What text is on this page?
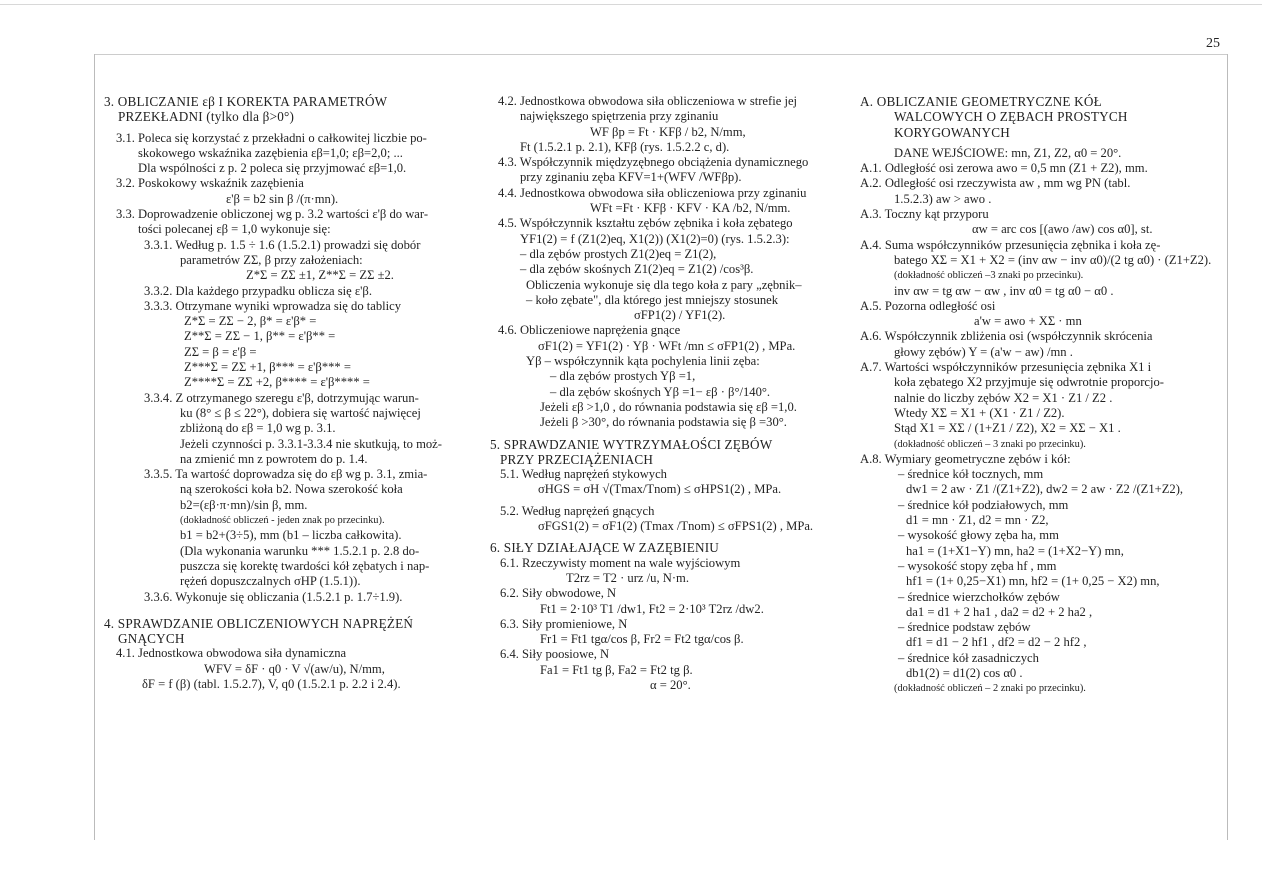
25
3. OBLICZANIE εβ I KOREKTA PARAMETRÓW
PRZEKŁADNI (tylko dla β>0°)
3.1. Poleca się korzystać z przekładni o całkowitej liczbie po-
skokowego wskaźnika zazębienia εβ=1,0; εβ=2,0; ...
Dla wspólności z p. 2 poleca się przyjmować εβ=1,0.
3.2. Poskokowy wskaźnik zazębienia
ε'β = b2 sin β /(π·mn).
3.3. Doprowadzenie obliczonej wg p. 3.2 wartości ε'β do war-
tości polecanej εβ = 1,0 wykonuje się:
3.3.1. Według p. 1.5 ÷ 1.6 (1.5.2.1) prowadzi się dobór
parametrów ZΣ, β przy założeniach:
Z*Σ = ZΣ ±1, Z**Σ = ZΣ ±2.
3.3.2. Dla każdego przypadku oblicza się ε'β.
3.3.3. Otrzymane wyniki wprowadza się do tablicy
Z*Σ = ZΣ − 2, β* = ε'β* =
Z**Σ = ZΣ − 1, β** = ε'β** =
ZΣ = β = ε'β =
Z***Σ = ZΣ +1, β*** = ε'β*** =
Z****Σ = ZΣ +2, β**** = ε'β**** =
3.3.4. Z otrzymanego szeregu ε'β, dotrzymując warun-
ku (8° ≤ β ≤ 22°), dobiera się wartość najwięcej
zbliżoną do εβ = 1,0 wg p. 3.1.
Jeżeli czynności p. 3.3.1-3.3.4 nie skutkują, to moż-
na zmienić mn z powrotem do p. 1.4.
3.3.5. Ta wartość doprowadza się do εβ wg p. 3.1, zmia-
ną szerokości koła b2. Nowa szerokość koła
b2=(εβ·π·mn)/sin β, mm.
(dokładność obliczeń - jeden znak po przecinku).
b1 = b2+(3÷5), mm (b1 – liczba całkowita).
(Dla wykonania warunku *** 1.5.2.1 p. 2.8 do-
puszcza się korektę twardości kół zębatych i nap-
rężeń dopuszczalnych σHP (1.5.1)).
3.3.6. Wykonuje się obliczania (1.5.2.1 p. 1.7÷1.9).
4. SPRAWDZANIE OBLICZENIOWYCH NAPRĘŻEŃ
GNĄCYCH
4.1. Jednostkowa obwodowa siła dynamiczna
WFV = δF · q0 · V √(aw/u), N/mm,
δF = f (β) (tabl. 1.5.2.7), V, q0 (1.5.2.1 p. 2.2 i 2.4).
4.2. Jednostkowa obwodowa siła obliczeniowa w strefie jej
największego spiętrzenia przy zginaniu
WF βp = Ft · KFβ / b2, N/mm,
Ft (1.5.2.1 p. 2.1), KFβ (rys. 1.5.2.2 c, d).
4.3. Współczynnik międzyzębnego obciążenia dynamicznego
przy zginaniu zęba KFV=1+(WFV /WFβp).
4.4. Jednostkowa obwodowa siła obliczeniowa przy zginaniu
WFt =Ft · KFβ · KFV · KA /b2, N/mm.
4.5. Współczynnik kształtu zębów zębnika i koła zębatego
YF1(2) = f (Z1(2)eq, X1(2)) (X1(2)=0) (rys. 1.5.2.3):
– dla zębów prostych Z1(2)eq = Z1(2),
– dla zębów skośnych Z1(2)eq = Z1(2) /cos³β.
Obliczenia wykonuje się dla tego koła z pary „zębnik–
– koło zębate", dla którego jest mniejszy stosunek
σFP1(2) / YF1(2).
4.6. Obliczeniowe naprężenia gnące
σF1(2) = YF1(2) · Yβ · WFt /mn ≤ σFP1(2) , MPa.
Yβ – współczynnik kąta pochylenia linii zęba:
– dla zębów prostych Yβ =1,
– dla zębów skośnych Yβ =1− εβ · β°/140°.
Jeżeli εβ >1,0 , do równania podstawia się εβ =1,0.
Jeżeli β >30°, do równania podstawia się β =30°.
5. SPRAWDZANIE WYTRZYMAŁOŚCI ZĘBÓW
PRZY PRZECIĄŻENIACH
5.1. Według naprężeń stykowych
σHGS = σH √(Tmax/Tnom) ≤ σHPS1(2) , MPa.
5.2. Według naprężeń gnących
σFGS1(2) = σF1(2) (Tmax /Tnom) ≤ σFPS1(2) , MPa.
6. SIŁY DZIAŁAJĄCE W ZAZĘBIENIU
6.1. Rzeczywisty moment na wale wyjściowym
T2rz = T2 · urz /u, N·m.
6.2. Siły obwodowe, N
Ft1 = 2·10³ T1 /dw1, Ft2 = 2·10³ T2rz /dw2.
6.3. Siły promieniowe, N
Fr1 = Ft1 tgα/cos β, Fr2 = Ft2 tgα/cos β.
6.4. Siły poosiowe, N
Fa1 = Ft1 tg β, Fa2 = Ft2 tg β.
α = 20°.
A. OBLICZANIE GEOMETRYCZNE KÓŁ
WALCOWYCH O ZĘBACH PROSTYCH
KORYGOWANYCH
DANE WEJŚCIOWE: mn, Z1, Z2, α0 = 20°.
A.1. Odległość osi zerowa awo = 0,5 mn (Z1 + Z2), mm.
A.2. Odległość osi rzeczywista aw , mm wg PN (tabl.
1.5.2.3) aw > awo .
A.3. Toczny kąt przyporu
αw = arc cos [(awo /aw) cos α0], st.
A.4. Suma współczynników przesunięcia zębnika i koła zę-
batego XΣ = X1 + X2 = (inv αw − inv α0)/(2 tg α0) · (Z1+Z2).
(dokładność obliczeń –3 znaki po przecinku).
inv αw = tg αw − αw , inv α0 = tg α0 − α0 .
A.5. Pozorna odległość osi
a'w = awo + XΣ · mn
A.6. Współczynnik zbliżenia osi (współczynnik skrócenia
głowy zębów) Y = (a'w − aw) /mn .
A.7. Wartości współczynników przesunięcia zębnika X1 i
koła zębatego X2 przyjmuje się odwrotnie proporcjo-
nalnie do liczby zębów X2 = X1 · Z1 / Z2 .
Wtedy XΣ = X1 + (X1 · Z1 / Z2).
Stąd X1 = XΣ / (1+Z1 / Z2), X2 = XΣ − X1 .
(dokładność obliczeń – 3 znaki po przecinku).
A.8. Wymiary geometryczne zębów i kół:
– średnice kół tocznych, mm
dw1 = 2 aw · Z1 /(Z1+Z2), dw2 = 2 aw · Z2 /(Z1+Z2),
– średnice kół podziałowych, mm
d1 = mn · Z1, d2 = mn · Z2,
– wysokość głowy zęba ha, mm
ha1 = (1+X1−Y) mn, ha2 = (1+X2−Y) mn,
– wysokość stopy zęba hf , mm
hf1 = (1+ 0,25−X1) mn, hf2 = (1+ 0,25 − X2) mn,
– średnice wierzchołków zębów
da1 = d1 + 2 ha1 , da2 = d2 + 2 ha2 ,
– średnice podstaw zębów
df1 = d1 − 2 hf1 , df2 = d2 − 2 hf2 ,
– średnice kół zasadniczych
db1(2) = d1(2) cos α0 .
(dokładność obliczeń – 2 znaki po przecinku).
